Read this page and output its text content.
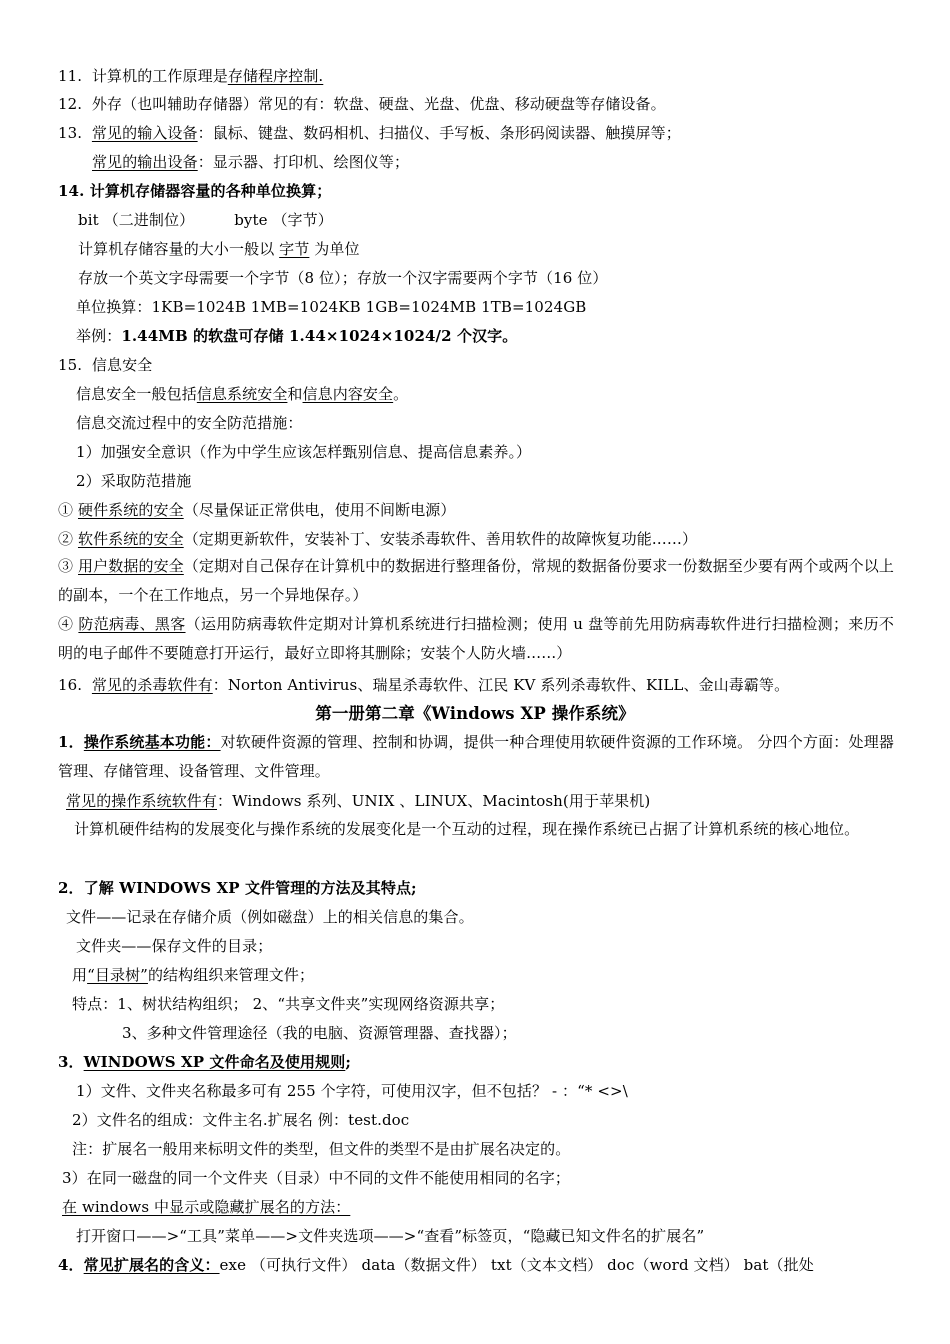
11. 计算机的工作原理是存储程序控制.
12. 外存（也叫辅助存储器）常见的有：软盘、硬盘、光盘、优盘、移动硬盘等存储设备。
13. 常见的输入设备：鼠标、键盘、数码相机、扫描仪、手写板、条形码阅读器、触摸屏等；
常见的输出设备：显示器、打印机、绘图仪等；
14. 计算机存储器容量的各种单位换算；
bit （二进制位）	byte （字节）
计算机存储容量的大小一般以 字节 为单位
存放一个英文字母需要一个字节（8 位）；存放一个汉字需要两个字节（16 位）
单位换算：1KB=1024B 1MB=1024KB 1GB=1024MB 1TB=1024GB
举例：1.44MB 的软盘可存储 1.44×1024×1024/2 个汉字。
15. 信息安全
信息安全一般包括信息系统安全和信息内容安全。
信息交流过程中的安全防范措施：
1）加强安全意识（作为中学生应该怎样甄别信息、提高信息素养。）
2）采取防范措施
① 硬件系统的安全（尽量保证正常供电，使用不间断电源）
② 软件系统的安全（定期更新软件，安装补丁、安装杀毒软件、善用软件的故障恢复功能……）
③ 用户数据的安全（定期对自己保存在计算机中的数据进行整理备份，常规的数据备份要求一份数据至少要有两个或两个以上的副本，一个在工作地点，另一个异地保存。）
④ 防范病毒、黑客（运用防病毒软件定期对计算机系统进行扫描检测；使用 u 盘等前先用防病毒软件进行扫描检测；来历不明的电子邮件不要随意打开运行，最好立即将其删除；安装个人防火墙……）
16. 常见的杀毒软件有：Norton Antivirus、瑞星杀毒软件、江民 KV 系列杀毒软件、KILL、金山毒霸等。
第一册第二章《Windows XP 操作系统》
1．操作系统基本功能：对软硬件资源的管理、控制和协调，提供一种合理使用软硬件资源的工作环境。 分四个方面：处理器管理、存储管理、设备管理、文件管理。
常见的操作系统软件有：Windows 系列、UNIX 、LINUX、Macintosh(用于苹果机)
计算机硬件结构的发展变化与操作系统的发展变化是一个互动的过程，现在操作系统已占据了计算机系统的核心地位。
2．了解 WINDOWS XP 文件管理的方法及其特点;
文件——记录在存储介质（例如磁盘）上的相关信息的集合。
文件夹——保存文件的目录；
用“目录树”的结构组织来管理文件；
特点：1、树状结构组织； 2、“共享文件夹”实现网络资源共享；
3、多种文件管理途径（我的电脑、资源管理器、查找器）；
3．WINDOWS XP 文件命名及使用规则;
1）文件、文件夹名称最多可有 255 个字符，可使用汉字，但不包括？ - ：“* <>\
2）文件名的组成：文件主名.扩展名 例：test.doc
注：扩展名一般用来标明文件的类型，但文件的类型不是由扩展名决定的。
3）在同一磁盘的同一个文件夹（目录）中不同的文件不能使用相同的名字；
在 windows 中显示或隐藏扩展名的方法：
打开窗口——>“工具”菜单——>文件夹选项——>“查看”标签页，“隐藏已知文件名的扩展名”
4．常见扩展名的含义：exe （可执行文件） data（数据文件） txt（文本文档） doc（word 文档） bat（批处
